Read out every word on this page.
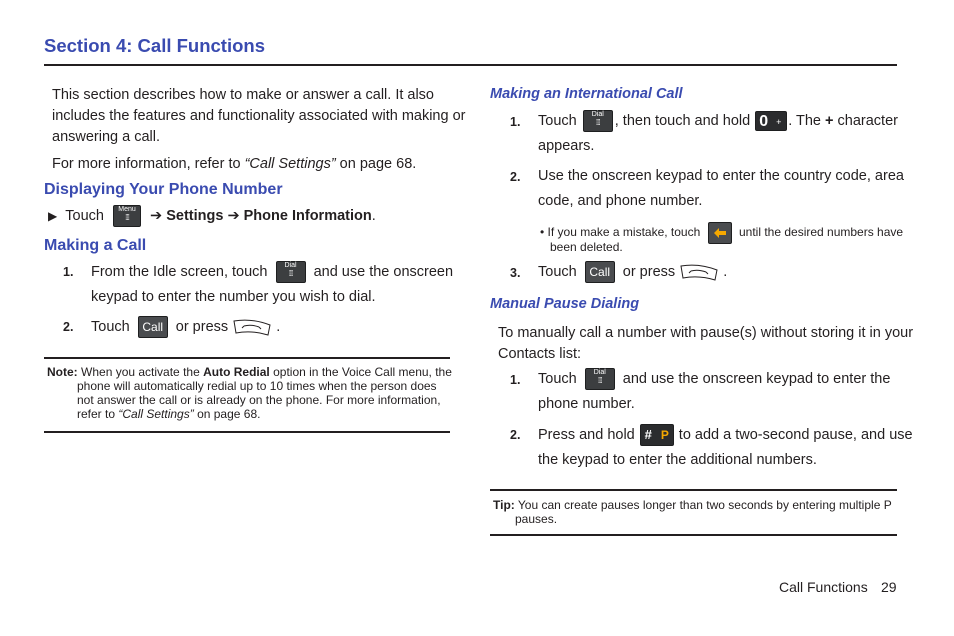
Section 4: Call Functions
This section describes how to make or answer a call. It also
includes the features and functionality associated with making or
answering a call.
For more information, refer to “Call Settings” on page 68.
Displaying Your Phone Number
▶ Touch	Menu
⁞⁞⁞	➔ Settings ➔ Phone Information.
Making a Call
1. From the Idle screen, touch	Dial
⁞⁞⁞	and use the onscreen
keypad to enter the number you wish to dial.
2. Touch Call or press	.
Note: When you activate the Auto Redial option in the Voice Call menu, the
phone will automatically redial up to 10 times when the person does
not answer the call or is already on the phone. For more information,
refer to “Call Settings” on page 68.
Making an International Call
1. Touch	Dial
⁞⁞⁞	, then touch and hold 0 + . The + character
appears.
2. Use the onscreen keypad to enter the country code, area
code, and phone number.
• If you make a mistake, touch	until the desired numbers have
been deleted.
3. Touch Call or press	.
Manual Pause Dialing
To manually call a number with pause(s) without storing it in your
Contacts list:
1. Touch	Dial
⁞⁞⁞	and use the onscreen keypad to enter the
phone number.
2. Press and hold # P to add a two-second pause, and use
the keypad to enter the additional numbers.
Tip: You can create pauses longer than two seconds by entering multiple P
pauses.
Call Functions 29
